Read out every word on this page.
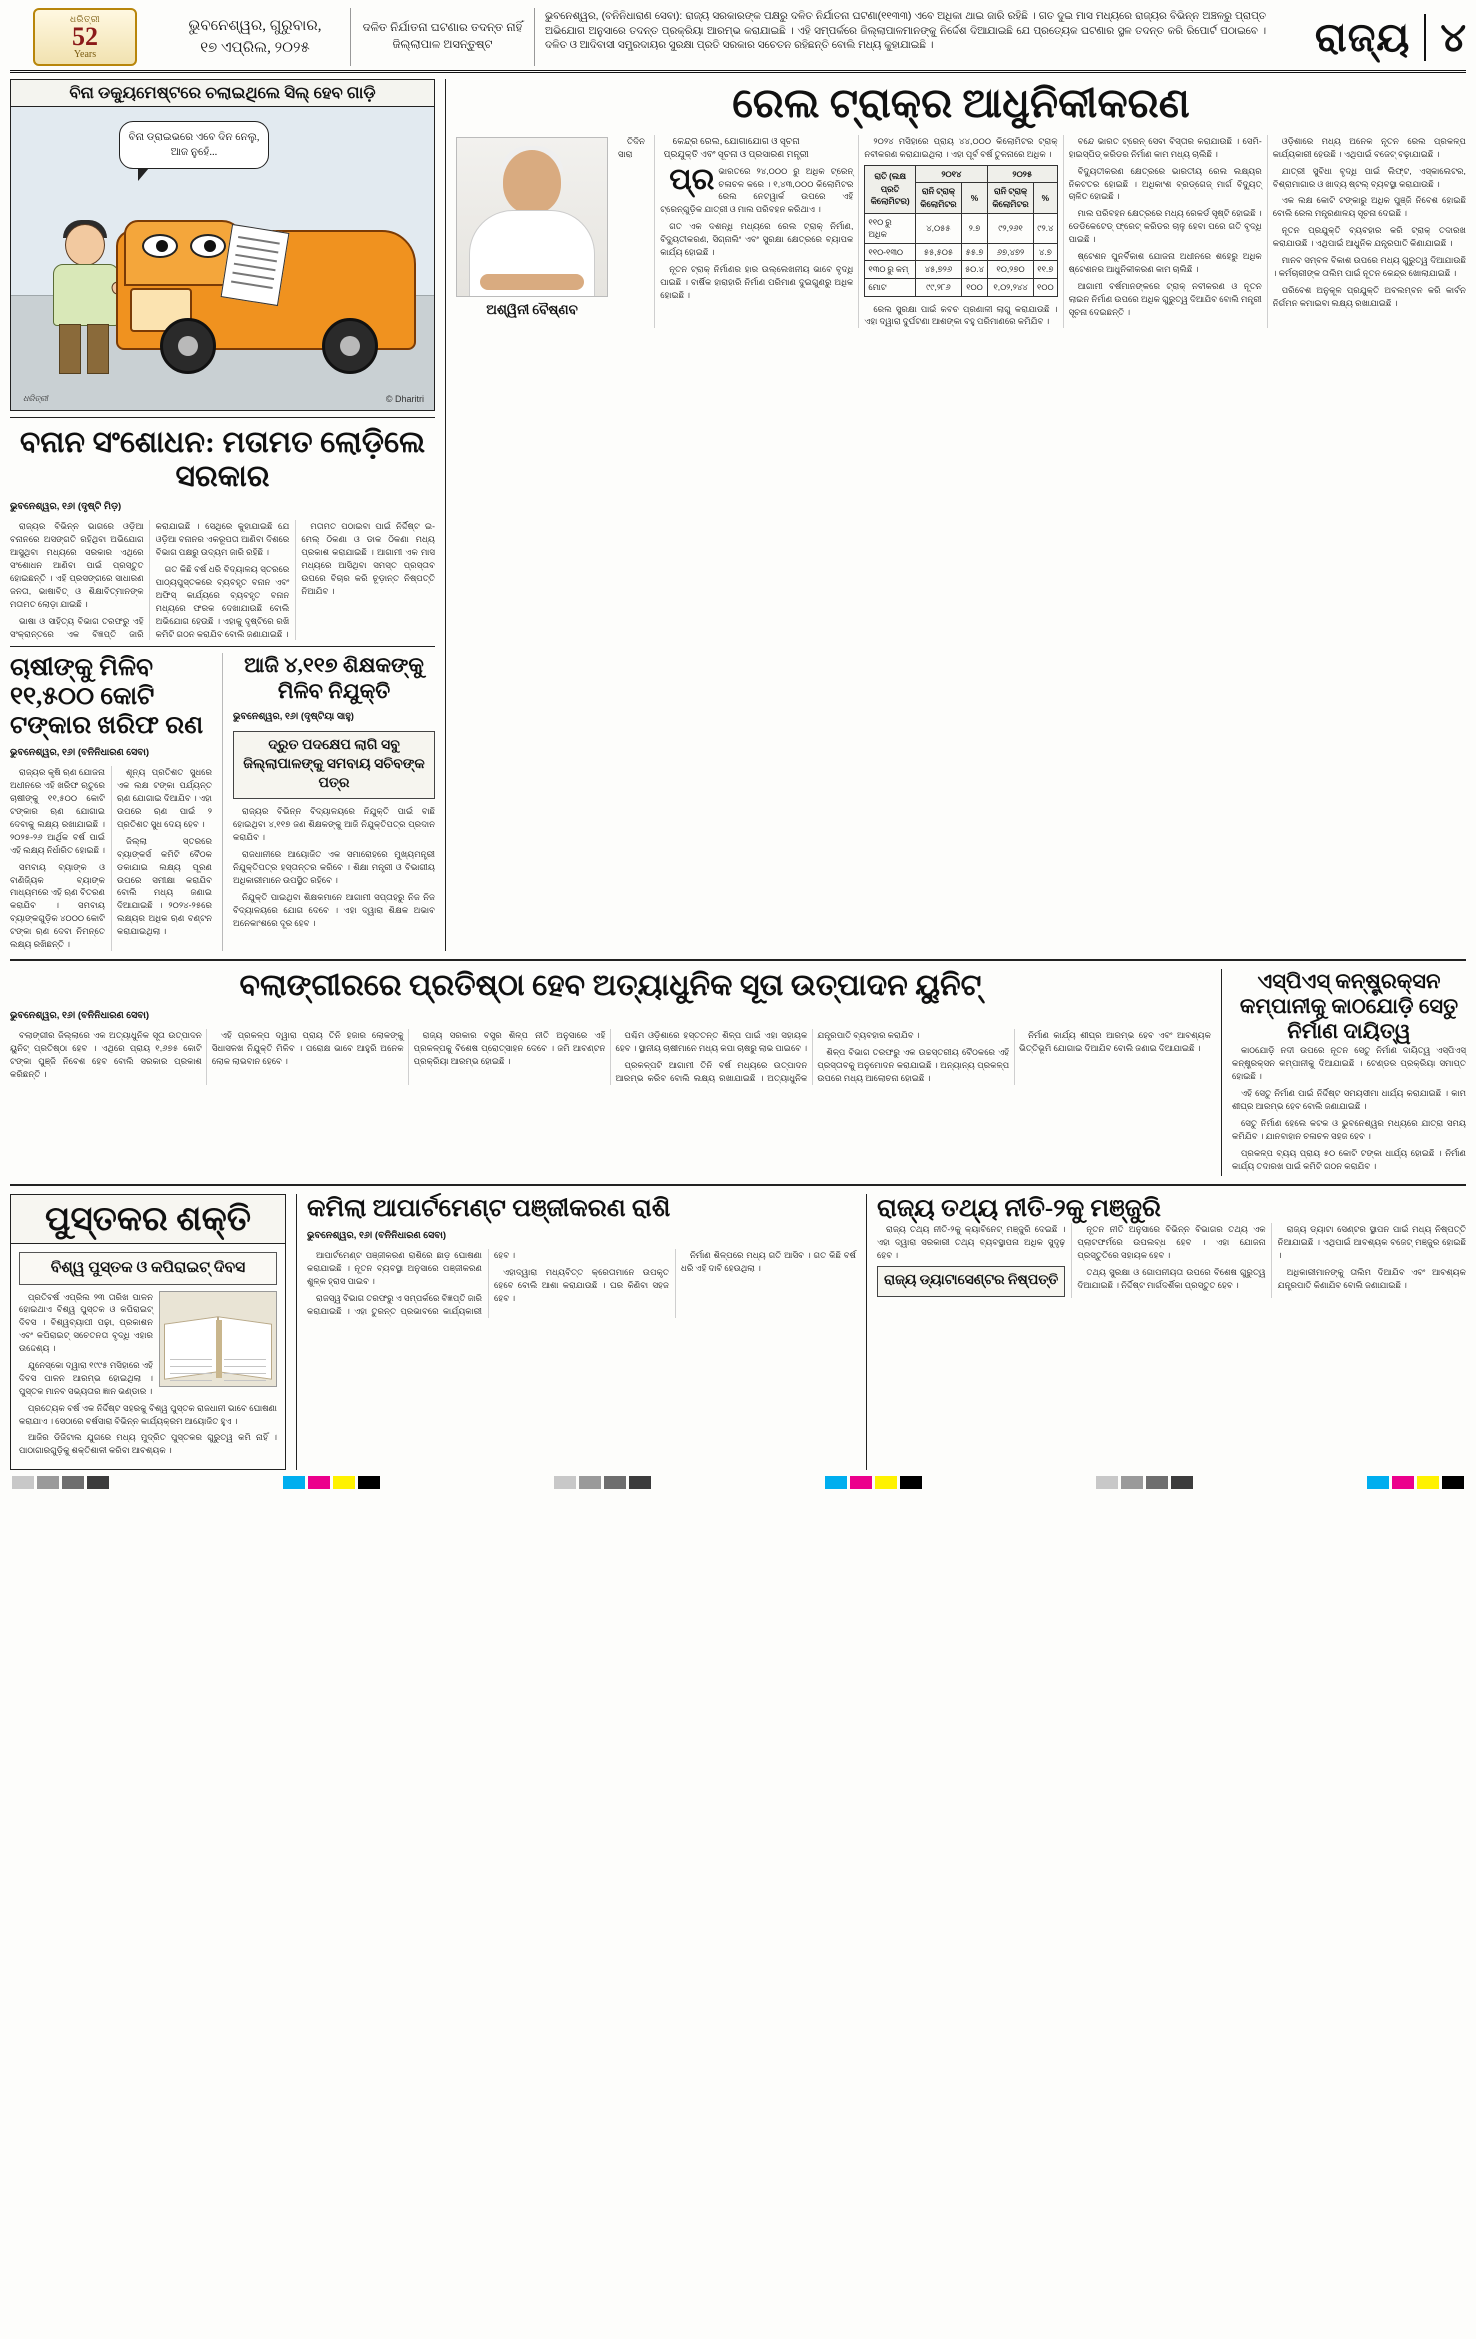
ଧରିତ୍ରୀ
52
Years
ଭୁବନେଶ୍ୱର, ଗୁରୁବାର,
୧୭ ଏପ୍ରିଲ, ୨୦୨୫
ଦଳିତ ନିର୍ଯାତନା ଘଟଣାର ତଦନ୍ତ ନାହିଁ ଜିଲ୍ଲାପାଳ ଅସନ୍ତୁଷ୍ଟ
ଭୁବନେଶ୍ୱର, (ବନିନିଧାରାଣ ସେବା): ରାଜ୍ୟ ସରକାରଙ୍କ ପକ୍ଷରୁ ଦଳିତ ନିର୍ଯାତନା ଘଟଣା(୧୧୩୩) ଏବେ ଅଧିକା ଥାଇ ଜାରି ରହିଛି । ଗତ ଦୁଇ ମାସ ମଧ୍ୟରେ ରାଜ୍ୟର ବିଭିନ୍ନ ଅଞ୍ଚଳରୁ ପ୍ରାପ୍ତ ଅଭିଯୋଗ ଅନୁସାରେ ତଦନ୍ତ ପ୍ରକ୍ରିୟା ଆରମ୍ଭ କରାଯାଇଛି । ଏହି ସମ୍ପର୍କରେ ଜିଲ୍ଲାପାଳମାନଙ୍କୁ ନିର୍ଦ୍ଦେଶ ଦିଆଯାଇଛି ଯେ ପ୍ରତ୍ୟେକ ଘଟଣାର ସ୍ଥଳ ତଦନ୍ତ କରି ରିପୋର୍ଟ ପଠାଇବେ । ଦଳିତ ଓ ଆଦିବାସୀ ସମ୍ପ୍ରଦାୟର ସୁରକ୍ଷା ପ୍ରତି ସରକାର ସଚେତନ ରହିଛନ୍ତି ବୋଲି ମଧ୍ୟ କୁହାଯାଇଛି ।	ରାଜ୍ୟ ୪
ବିନା ଡକ୍ୟୁମେଷ୍ଟରେ ଚଲାଇଥିଲେ ସିଲ୍ ହେବ ଗାଡ଼ି
ବିନା ଡ୍ରାଇଭରେ ଏବେ ଦିନ ନେଲୁ, ଆଜ ନୁହେଁ...
ଧରିତ୍ରୀ	© Dharitri
ବନାନ ସଂଶୋଧନ: ମତାମତ ଲୋଡ଼ିଲେ ସରକାର
ଭୁବନେଶ୍ୱର, ୧୬୤ (ଦୃଷ୍ଟି ମିଡ଼)

ରାଜ୍ୟର ବିଭିନ୍ନ ଭାଗରେ ଓଡ଼ିଆ ବନାନରେ ଅସଙ୍ଗତି ରହିଥିବା ଅଭିଯୋଗ ଆସୁଥିବା ମଧ୍ୟରେ ସରକାର ଏଥିରେ ସଂଶୋଧନ ଆଣିବା ପାଇଁ ପ୍ରସ୍ତୁତ ହୋଇଛନ୍ତି । ଏହି ପ୍ରସଙ୍ଗରେ ସାଧାରଣ ଜନତା, ଭାଷାବିତ୍ ଓ ଶିକ୍ଷାବିତ୍ମାନଙ୍କ ମତାମତ ଲୋଡ଼ା ଯାଇଛି ।

ଭାଷା ଓ ସାହିତ୍ୟ ବିଭାଗ ତରଫରୁ ଏହି ସଂକ୍ରାନ୍ତରେ ଏକ ବିଜ୍ଞପ୍ତି ଜାରି କରାଯାଇଛି । ସେଥିରେ କୁହାଯାଇଛି ଯେ ଓଡ଼ିଆ ବନାନର ଏକରୂପତା ଆଣିବା ଦିଶରେ ବିଭାଗ ପକ୍ଷରୁ ଉଦ୍ୟମ ଜାରି ରହିଛି ।

ଗତ କିଛି ବର୍ଷ ଧରି ବିଦ୍ୟାଳୟ ସ୍ତରରେ ପାଠ୍ୟପୁସ୍ତକରେ ବ୍ୟବହୃତ ବନାନ ଏବଂ ଅଫିସ୍ କାର୍ଯ୍ୟରେ ବ୍ୟବହୃତ ବନାନ ମଧ୍ୟରେ ଫରକ ଦେଖାଯାଉଛି ବୋଲି ଅଭିଯୋଗ ହେଉଛି । ଏହାକୁ ଦୃଷ୍ଟିରେ ରଖି କମିଟି ଗଠନ କରାଯିବ ବୋଲି ଜଣାଯାଇଛି ।

ମତାମତ ପଠାଇବା ପାଇଁ ନିର୍ଦ୍ଦିଷ୍ଟ ଇ-ମେଲ୍ ଠିକଣା ଓ ଡାକ ଠିକଣା ମଧ୍ୟ ପ୍ରକାଶ କରାଯାଇଛି । ଆଗାମୀ ଏକ ମାସ ମଧ୍ୟରେ ଆସିଥିବା ସମସ୍ତ ପ୍ରସ୍ତାବ ଉପରେ ବିଚାର କରି ଚୂଡ଼ାନ୍ତ ନିଷ୍ପତ୍ତି ନିଆଯିବ ।

ଚାଷୀଙ୍କୁ ମିଳିବ ୧୧,୫୦୦ କୋଟି ଟଙ୍କାର ଖରିଫ ରଣ
ଭୁବନେଶ୍ୱର, ୧୬୤ (ବନିନିଧାରଣ ସେବା)

ରାଜ୍ୟର କୃଷି ଋଣ ଯୋଜନା ଅଧୀନରେ ଏହି ଖରିଫ ଋତୁରେ ଚାଷୀଙ୍କୁ ୧୧,୫୦୦ କୋଟି ଟଙ୍କାର ଋଣ ଯୋଗାଇ ଦେବାକୁ ଲକ୍ଷ୍ୟ ରଖାଯାଇଛି । ୨୦୨୫-୨୬ ଆର୍ଥିକ ବର୍ଷ ପାଇଁ ଏହି ଲକ୍ଷ୍ୟ ନିର୍ଧାରିତ ହୋଇଛି ।

ସମବାୟ ବ୍ୟାଙ୍କ ଓ ବାଣିଜ୍ୟିକ ବ୍ୟାଙ୍କ ମାଧ୍ୟମରେ ଏହି ଋଣ ବିତରଣ କରାଯିବ । ସମବାୟ ବ୍ୟାଙ୍କଗୁଡ଼ିକ ୪୦୦୦ କୋଟି ଟଙ୍କା ଋଣ ଦେବା ନିମନ୍ତେ ଲକ୍ଷ୍ୟ ରଖିଛନ୍ତି ।

ଶୂନ୍ୟ ପ୍ରତିଶତ ସୁଧରେ ଏକ ଲକ୍ଷ ଟଙ୍କା ପର୍ଯ୍ୟନ୍ତ ଋଣ ଯୋଗାଇ ଦିଆଯିବ । ଏହା ଉପରେ ଋଣ ପାଇଁ ୨ ପ୍ରତିଶତ ସୁଧ ଦେୟ ହେବ ।

ଜିଲ୍ଲା ସ୍ତରରେ ବ୍ୟାଙ୍କର୍ସ କମିଟି ବୈଠକ ଡକାଯାଇ ଲକ୍ଷ୍ୟ ପୂରଣ ଉପରେ ସମୀକ୍ଷା କରାଯିବ ବୋଲି ମଧ୍ୟ ଜଣାଇ ଦିଆଯାଇଛି । ୨୦୨୪-୨୫ରେ ଲକ୍ଷ୍ୟର ଅଧିକ ଋଣ ବଣ୍ଟନ କରାଯାଇଥିଲା ।

ଆଜି ୪,୧୧୭ ଶିକ୍ଷକଙ୍କୁ ମିଳିବ ନିଯୁକ୍ତି
ଭୁବନେଶ୍ୱର, ୧୬୤ (ଦୃଷ୍ଟିୟା ସାହୁ)
ଦ୍ରୁତ ପଦକ୍ଷେପ ଲାଗି ସବୁ ଜିଲ୍ଲାପାଳଙ୍କୁ ସମବାୟ ସଚିବଙ୍କ ପତ୍ର

ରାଜ୍ୟର ବିଭିନ୍ନ ବିଦ୍ୟାଳୟରେ ନିଯୁକ୍ତି ପାଇଁ ବାଛି ହୋଇଥିବା ୪,୧୧୭ ଜଣ ଶିକ୍ଷକଙ୍କୁ ଆଜି ନିଯୁକ୍ତିପତ୍ର ପ୍ରଦାନ କରାଯିବ ।

ରାଜଧାନୀରେ ଆୟୋଜିତ ଏକ ସମାରୋହରେ ମୁଖ୍ୟମନ୍ତ୍ରୀ ନିଯୁକ୍ତିପତ୍ର ହସ୍ତାନ୍ତର କରିବେ । ଶିକ୍ଷା ମନ୍ତ୍ରୀ ଓ ବିଭାଗୀୟ ଅଧିକାରୀମାନେ ଉପସ୍ଥିତ ରହିବେ ।

ନିଯୁକ୍ତି ପାଇଥିବା ଶିକ୍ଷକମାନେ ଆଗାମୀ ସପ୍ତାହରୁ ନିଜ ନିଜ ବିଦ୍ୟାଳୟରେ ଯୋଗ ଦେବେ । ଏହା ଦ୍ୱାରା ଶିକ୍ଷକ ଅଭାବ ଅନେକାଂଶରେ ଦୂର ହେବ ।

ରେଲ ଟ୍ରାକ୍‌ର ଆଧୁନିକୀକରଣ
ଅଶ୍ୱିନୀ ବୈଷ୍ଣବ
କେନ୍ଦ୍ର ରେଲ, ଯୋଗାଯୋଗ ଓ ସୂଚନା ପ୍ରଯୁକ୍ତି ଏବଂ ସୂଚନା ଓ ପ୍ରସାରଣ ମନ୍ତ୍ରୀ

ପ୍ରତିଦିନ ସାରା ଭାରତରେ ୨୪,୦୦୦ ରୁ ଅଧିକ ଟ୍ରେନ୍ ଚଳାଚଳ କରେ । ୧,୪୩,୦୦୦ କିଲୋମିଟର ରେଲ ନେଟୱାର୍କ ଉପରେ ଏହି ଟ୍ରେନ୍‌ଗୁଡ଼ିକ ଯାତ୍ରୀ ଓ ମାଲ ପରିବହନ କରିଥାଏ ।

ଗତ ଏକ ଦଶନ୍ଧି ମଧ୍ୟରେ ରେଲ ଟ୍ରାକ୍ ନିର୍ମାଣ, ବିଦ୍ୟୁତୀକରଣ, ସିଗ୍‌ନାଲିଂ ଏବଂ ସୁରକ୍ଷା କ୍ଷେତ୍ରରେ ବ୍ୟାପକ କାର୍ଯ୍ୟ ହୋଇଛି ।

ନୂତନ ଟ୍ରାକ୍ ନିର୍ମାଣର ହାର ଉଲ୍ଲେଖନୀୟ ଭାବେ ବୃଦ୍ଧି ପାଇଛି । ବାର୍ଷିକ ହାରାହାରି ନିର୍ମାଣ ପରିମାଣ ଦୁଇଗୁଣରୁ ଅଧିକ ହୋଇଛି ।

୨୦୨୪ ମସିହାରେ ପ୍ରାୟ ୪୪,୦୦୦ କିଲୋମିଟର ଟ୍ରାକ୍ ନବୀକରଣ କରାଯାଇଥିଲା । ଏହା ପୂର୍ବ ବର୍ଷ ତୁଳନାରେ ଅଧିକ ।

ରାତି (ଲକ୍ଷ ପ୍ରତି କିଲୋମିଟର)	୨୦୧୪		୨୦୨୫	
	ରାନି ଟ୍ରାକ୍ କିଲୋମିଟର	%	ରାନି ଟ୍ରାକ୍ କିଲୋମିଟର	%
୧୧୦ ରୁ ଅଧିକ	୪,୦୫୫	୨.୭	୯୨,୨୬୧	୯୨.୪
୧୧୦-୧୩୦	୫୫,୫୦୫	୫୫.୭	୬୭,୪୭୨	୪.୭
୧୩୦ ରୁ କମ୍	୪୫,୭୨୬	୫୦.୪	୧୦,୨୭୦	୧୧.୭
ମୋଟ	୯୯,୨୮୬	୧୦୦	୧,୦୨,୨୪୪	୧୦୦

ରେଲ ସୁରକ୍ଷା ପାଇଁ କବଚ ପ୍ରଣାଳୀ ଲାଗୁ କରାଯାଉଛି । ଏହା ଦ୍ୱାରା ଦୁର୍ଘଟଣା ଆଶଙ୍କା ବହୁ ପରିମାଣରେ କମିଯିବ ।

ବନ୍ଦେ ଭାରତ ଟ୍ରେନ୍ ସେବା ବିସ୍ତାର କରାଯାଉଛି । ସେମି-ହାଇସ୍ପିଡ୍ କରିଡର ନିର୍ମାଣ କାମ ମଧ୍ୟ ଚାଲିଛି ।

ବିଦ୍ୟୁତୀକରଣ କ୍ଷେତ୍ରରେ ଭାରତୀୟ ରେଲ ଲକ୍ଷ୍ୟର ନିକଟତର ହୋଇଛି । ଅଧିକାଂଶ ବ୍ରଡ୍‌ଗେଜ୍ ମାର୍ଗ ବିଦ୍ୟୁତ୍ ଚାଳିତ ହୋଇଛି ।

ମାଲ ପରିବହନ କ୍ଷେତ୍ରରେ ମଧ୍ୟ ରେକର୍ଡ ସୃଷ୍ଟି ହୋଇଛି । ଡେଡିକେଟେଡ୍ ଫ୍ରେଟ୍ କରିଡର ଚାଳୁ ହେବା ପରେ ଗତି ବୃଦ୍ଧି ପାଇଛି ।

ଷ୍ଟେଶନ ପୁନର୍ବିକାଶ ଯୋଜନା ଅଧୀନରେ ଶହେରୁ ଅଧିକ ଷ୍ଟେଶନର ଆଧୁନିକୀକରଣ କାମ ଚାଲିଛି ।

ଆଗାମୀ ବର୍ଷମାନଙ୍କରେ ଟ୍ରାକ୍ ନବୀକରଣ ଓ ନୂତନ ଲାଇନ ନିର୍ମାଣ ଉପରେ ଅଧିକ ଗୁରୁତ୍ୱ ଦିଆଯିବ ବୋଲି ମନ୍ତ୍ରୀ ସୂଚନା ଦେଇଛନ୍ତି ।

ଓଡ଼ିଶାରେ ମଧ୍ୟ ଅନେକ ନୂତନ ରେଲ ପ୍ରକଳ୍ପ କାର୍ଯ୍ୟକାରୀ ହେଉଛି । ଏଥିପାଇଁ ବଜେଟ୍ ବଢ଼ାଯାଇଛି ।

ଯାତ୍ରୀ ସୁବିଧା ବୃଦ୍ଧି ପାଇଁ ଲିଫ୍ଟ, ଏସ୍କାଲେଟର, ବିଶ୍ରାମାଗାର ଓ ଖାଦ୍ୟ ଷ୍ଟଲ୍ ବ୍ୟବସ୍ଥା କରାଯାଉଛି ।

ଏକ ଲକ୍ଷ କୋଟି ଟଙ୍କାରୁ ଅଧିକ ପୁଞ୍ଜି ନିବେଶ ହୋଇଛି ବୋଲି ରେଲ ମନ୍ତ୍ରଣାଳୟ ସୂଚନା ଦେଇଛି ।

ନୂତନ ପ୍ରଯୁକ୍ତି ବ୍ୟବହାର କରି ଟ୍ରାକ୍ ତଦାରଖ କରାଯାଉଛି । ଏଥିପାଇଁ ଆଧୁନିକ ଯନ୍ତ୍ରପାତି କିଣାଯାଇଛି ।

ମାନବ ସମ୍ବଳ ବିକାଶ ଉପରେ ମଧ୍ୟ ଗୁରୁତ୍ୱ ଦିଆଯାଉଛି । କର୍ମଚାରୀଙ୍କ ତାଲିମ ପାଇଁ ନୂତନ କେନ୍ଦ୍ର ଖୋଲାଯାଇଛି ।

ପରିବେଶ ଅନୁକୂଳ ପ୍ରଯୁକ୍ତି ଅବଲମ୍ବନ କରି କାର୍ବନ ନିର୍ଗମନ କମାଇବା ଲକ୍ଷ୍ୟ ରଖାଯାଇଛି ।

ବଲାଙ୍ଗୀରରେ ପ୍ରତିଷ୍ଠା ହେବ ଅତ୍ୟାଧୁନିକ ସୂତା ଉତ୍ପାଦନ ୟୁନିଟ୍
ଭୁବନେଶ୍ୱର, ୧୬୤ (ବନିନିଧାରଣ ସେବା)

ବଲାଙ୍ଗୀର ଜିଲ୍ଲାରେ ଏକ ଅତ୍ୟାଧୁନିକ ସୂତା ଉତ୍ପାଦନ ୟୁନିଟ୍ ପ୍ରତିଷ୍ଠା ହେବ । ଏଥିରେ ପ୍ରାୟ ୧,୬୭୫ କୋଟି ଟଙ୍କା ପୁଞ୍ଜି ନିବେଶ ହେବ ବୋଲି ସରକାର ପ୍ରକାଶ କରିଛନ୍ତି ।

ଏହି ପ୍ରକଳ୍ପ ଦ୍ୱାରା ପ୍ରାୟ ତିନି ହଜାର ଲୋକଙ୍କୁ ସିଧାସଳଖ ନିଯୁକ୍ତି ମିଳିବ । ପରୋକ୍ଷ ଭାବେ ଆହୁରି ଅନେକ ଲୋକ ଲାଭବାନ ହେବେ ।

ରାଜ୍ୟ ସରକାର ବସ୍ତ୍ର ଶିଳ୍ପ ନୀତି ଅନୁସାରେ ଏହି ପ୍ରକଳ୍ପକୁ ବିଶେଷ ପ୍ରୋତ୍ସାହନ ଦେବେ । ଜମି ଆବଣ୍ଟନ ପ୍ରକ୍ରିୟା ଆରମ୍ଭ ହୋଇଛି ।

ପଶ୍ଚିମ ଓଡ଼ିଶାରେ ହସ୍ତତନ୍ତ ଶିଳ୍ପ ପାଇଁ ଏହା ସହାୟକ ହେବ । ସ୍ଥାନୀୟ ଚାଷୀମାନେ ମଧ୍ୟ କପା ଚାଷରୁ ଲାଭ ପାଇବେ ।

ପ୍ରକଳ୍ପଟି ଆଗାମୀ ତିନି ବର୍ଷ ମଧ୍ୟରେ ଉତ୍ପାଦନ ଆରମ୍ଭ କରିବ ବୋଲି ଲକ୍ଷ୍ୟ ରଖାଯାଇଛି । ଅତ୍ୟାଧୁନିକ ଯନ୍ତ୍ରପାତି ବ୍ୟବହାର କରାଯିବ ।

ଶିଳ୍ପ ବିଭାଗ ତରଫରୁ ଏକ ଉଚ୍ଚସ୍ତରୀୟ ବୈଠକରେ ଏହି ପ୍ରସ୍ତାବକୁ ଅନୁମୋଦନ କରାଯାଇଛି । ଅନ୍ୟାନ୍ୟ ପ୍ରକଳ୍ପ ଉପରେ ମଧ୍ୟ ଆଲୋଚନା ହୋଇଛି ।

ନିର୍ମାଣ କାର୍ଯ୍ୟ ଶୀଘ୍ର ଆରମ୍ଭ ହେବ ଏବଂ ଆବଶ୍ୟକ ଭିତ୍ତିଭୂମି ଯୋଗାଇ ଦିଆଯିବ ବୋଲି ଜଣାଇ ଦିଆଯାଇଛି ।

ଏସ୍‌ପିଏସ୍ କନ୍‌ଷ୍ଟ୍ରକ୍‌ସନ କମ୍ପାନୀକୁ କାଠଯୋଡ଼ି ସେତୁ ନିର୍ମାଣ ଦାୟିତ୍ୱ

କାଠଯୋଡ଼ି ନଦୀ ଉପରେ ନୂତନ ସେତୁ ନିର୍ମାଣ ଦାୟିତ୍ୱ ଏସ୍‌ପିଏସ୍ କନ୍‌ଷ୍ଟ୍ରକ୍‌ସନ କମ୍ପାନୀକୁ ଦିଆଯାଇଛି । ଟେଣ୍ଡର ପ୍ରକ୍ରିୟା ସମାପ୍ତ ହୋଇଛି ।

ଏହି ସେତୁ ନିର୍ମାଣ ପାଇଁ ନିର୍ଦ୍ଦିଷ୍ଟ ସମୟସୀମା ଧାର୍ଯ୍ୟ କରାଯାଇଛି । କାମ ଶୀଘ୍ର ଆରମ୍ଭ ହେବ ବୋଲି ଜଣାଯାଇଛି ।

ସେତୁ ନିର୍ମାଣ ହେଲେ କଟକ ଓ ଭୁବନେଶ୍ୱର ମଧ୍ୟରେ ଯାତ୍ରା ସମୟ କମିଯିବ । ଯାନବାହାନ ଚଳାଚଳ ସହଜ ହେବ ।

ପ୍ରକଳ୍ପ ବ୍ୟୟ ପ୍ରାୟ ୫୦ କୋଟି ଟଙ୍କା ଧାର୍ଯ୍ୟ ହୋଇଛି । ନିର୍ମାଣ କାର୍ଯ୍ୟ ତଦାରଖ ପାଇଁ କମିଟି ଗଠନ କରାଯିବ ।

ପୁସ୍ତକର ଶକ୍ତି
ବିଶ୍ୱ ପୁସ୍ତକ ଓ କପିରାଇଟ୍ ଦିବସ

ପ୍ରତିବର୍ଷ ଏପ୍ରିଲ ୨୩ ତାରିଖ ପାଳନ ହୋଇଥାଏ ବିଶ୍ୱ ପୁସ୍ତକ ଓ କପିରାଇଟ୍ ଦିବସ । ବିଶ୍ୱବ୍ୟାପୀ ପଢ଼ା, ପ୍ରକାଶନ ଏବଂ କପିରାଇଟ୍ ସଚେତନତା ବୃଦ୍ଧି ଏହାର ଉଦ୍ଦେଶ୍ୟ ।

ଯୁନେସ୍କୋ ଦ୍ୱାରା ୧୯୯୫ ମସିହାରେ ଏହି ଦିବସ ପାଳନ ଆରମ୍ଭ ହୋଇଥିଲା । ପୁସ୍ତକ ମାନବ ସଭ୍ୟତାର ଜ୍ଞାନ ଭଣ୍ଡାର ।

ପ୍ରତ୍ୟେକ ବର୍ଷ ଏକ ନିର୍ଦ୍ଦିଷ୍ଟ ସହରକୁ ବିଶ୍ୱ ପୁସ୍ତକ ରାଜଧାନୀ ଭାବେ ଘୋଷଣା କରାଯାଏ । ସେଠାରେ ବର୍ଷସାରା ବିଭିନ୍ନ କାର୍ଯ୍ୟକ୍ରମ ଆୟୋଜିତ ହୁଏ ।

ଆଜିର ଡିଜିଟାଲ ଯୁଗରେ ମଧ୍ୟ ମୁଦ୍ରିତ ପୁସ୍ତକର ଗୁରୁତ୍ୱ କମି ନାହିଁ । ପାଠାଗାରଗୁଡ଼ିକୁ ଶକ୍ତିଶାଳୀ କରିବା ଆବଶ୍ୟକ ।

କମିଲା ଆପାର୍ଟମେଣ୍ଟ ପଞ୍ଜୀକରଣ ରାଶି
ଭୁବନେଶ୍ୱର, ୧୬୤ (ବନିନିଧାରଣ ସେବା)

ଆପାର୍ଟମେଣ୍ଟ ପଞ୍ଜୀକରଣ ରାଶିରେ ଛାଡ଼ ଘୋଷଣା କରାଯାଇଛି । ନୂତନ ବ୍ୟବସ୍ଥା ଅନୁସାରେ ପଞ୍ଜୀକରଣ ଶୁଳ୍କ ହ୍ରାସ ପାଇବ ।

ରାଜସ୍ୱ ବିଭାଗ ତରଫରୁ ଏ ସମ୍ପର୍କରେ ବିଜ୍ଞପ୍ତି ଜାରି କରାଯାଇଛି । ଏହା ତୁରନ୍ତ ପ୍ରଭାବରେ କାର୍ଯ୍ୟକାରୀ ହେବ ।

ଏହାଦ୍ୱାରା ମଧ୍ୟବିତ୍ତ କ୍ରେତାମାନେ ଉପକୃତ ହେବେ ବୋଲି ଆଶା କରାଯାଉଛି । ଘର କିଣିବା ସହଜ ହେବ ।

ନିର୍ମାଣ ଶିଳ୍ପରେ ମଧ୍ୟ ଗତି ଆସିବ । ଗତ କିଛି ବର୍ଷ ଧରି ଏହି ଦାବି ହେଉଥିଲା ।

ରାଜ୍ୟ ତଥ୍ୟ ନୀତି-୨କୁ ମଞ୍ଜୁରି

ରାଜ୍ୟ ତଥ୍ୟ ନୀତି-୨କୁ କ୍ୟାବିନେଟ୍ ମଞ୍ଜୁରି ଦେଇଛି । ଏହା ଦ୍ୱାରା ସରକାରୀ ତଥ୍ୟ ବ୍ୟବସ୍ଥାପନା ଅଧିକ ସୁଦୃଢ଼ ହେବ ।

ରାଜ୍ୟ ଡ୍ୟାଟାସେଣ୍ଟର ନିଷ୍ପତ୍ତି

ନୂତନ ନୀତି ଅନୁସାରେ ବିଭିନ୍ନ ବିଭାଗର ତଥ୍ୟ ଏକ ପ୍ଲାଟଫର୍ମରେ ଉପଲବ୍ଧ ହେବ । ଏହା ଯୋଜନା ପ୍ରସ୍ତୁତିରେ ସହାୟକ ହେବ ।

ତଥ୍ୟ ସୁରକ୍ଷା ଓ ଗୋପନୀୟତା ଉପରେ ବିଶେଷ ଗୁରୁତ୍ୱ ଦିଆଯାଇଛି । ନିର୍ଦ୍ଦିଷ୍ଟ ମାର୍ଗଦର୍ଶିକା ପ୍ରସ୍ତୁତ ହେବ ।

ରାଜ୍ୟ ଡ୍ୟାଟା ସେଣ୍ଟର ସ୍ଥାପନ ପାଇଁ ମଧ୍ୟ ନିଷ୍ପତ୍ତି ନିଆଯାଇଛି । ଏଥିପାଇଁ ଆବଶ୍ୟକ ବଜେଟ୍ ମଞ୍ଜୁର ହୋଇଛି ।

ଅଧିକାରୀମାନଙ୍କୁ ତାଲିମ ଦିଆଯିବ ଏବଂ ଆବଶ୍ୟକ ଯନ୍ତ୍ରପାତି କିଣାଯିବ ବୋଲି ଜଣାଯାଇଛି ।
